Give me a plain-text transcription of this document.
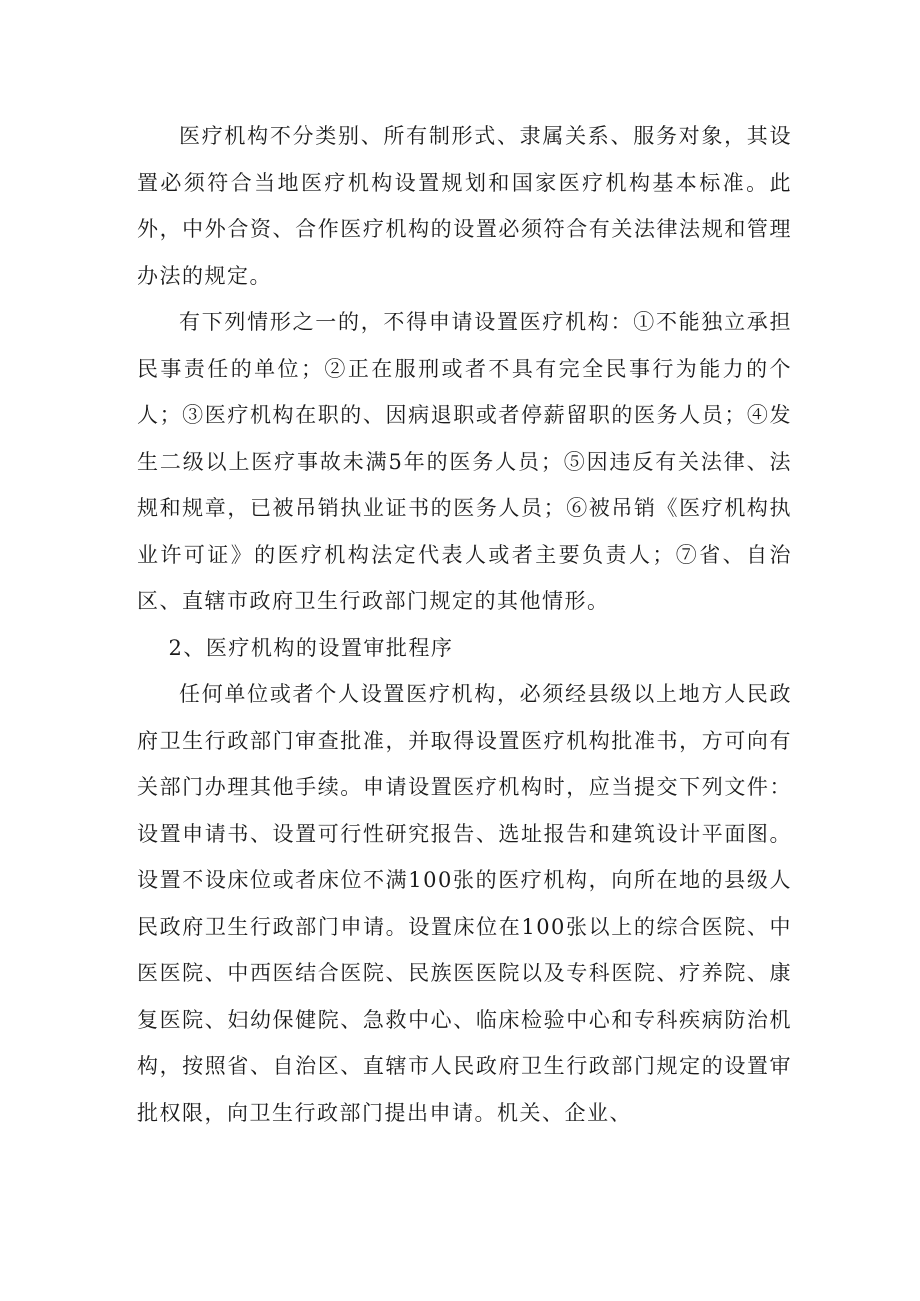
医疗机构不分类别、所有制形式、隶属关系、服务对象，其设置必须符合当地医疗机构设置规划和国家医疗机构基本标准。此外，中外合资、合作医疗机构的设置必须符合有关法律法规和管理办法的规定。

有下列情形之一的，不得申请设置医疗机构：①不能独立承担民事责任的单位；②正在服刑或者不具有完全民事行为能力的个人；③医疗机构在职的、因病退职或者停薪留职的医务人员；④发生二级以上医疗事故未满5年的医务人员；⑤因违反有关法律、法规和规章，已被吊销执业证书的医务人员；⑥被吊销《医疗机构执业许可证》的医疗机构法定代表人或者主要负责人；⑦省、自治区、直辖市政府卫生行政部门规定的其他情形。

2、医疗机构的设置审批程序

任何单位或者个人设置医疗机构，必须经县级以上地方人民政府卫生行政部门审查批准，并取得设置医疗机构批准书，方可向有关部门办理其他手续。申请设置医疗机构时，应当提交下列文件：设置申请书、设置可行性研究报告、选址报告和建筑设计平面图。设置不设床位或者床位不满100张的医疗机构，向所在地的县级人民政府卫生行政部门申请。设置床位在100张以上的综合医院、中医医院、中西医结合医院、民族医医院以及专科医院、疗养院、康复医院、妇幼保健院、急救中心、临床检验中心和专科疾病防治机构，按照省、自治区、直辖市人民政府卫生行政部门规定的设置审批权限，向卫生行政部门提出申请。机关、企业、
